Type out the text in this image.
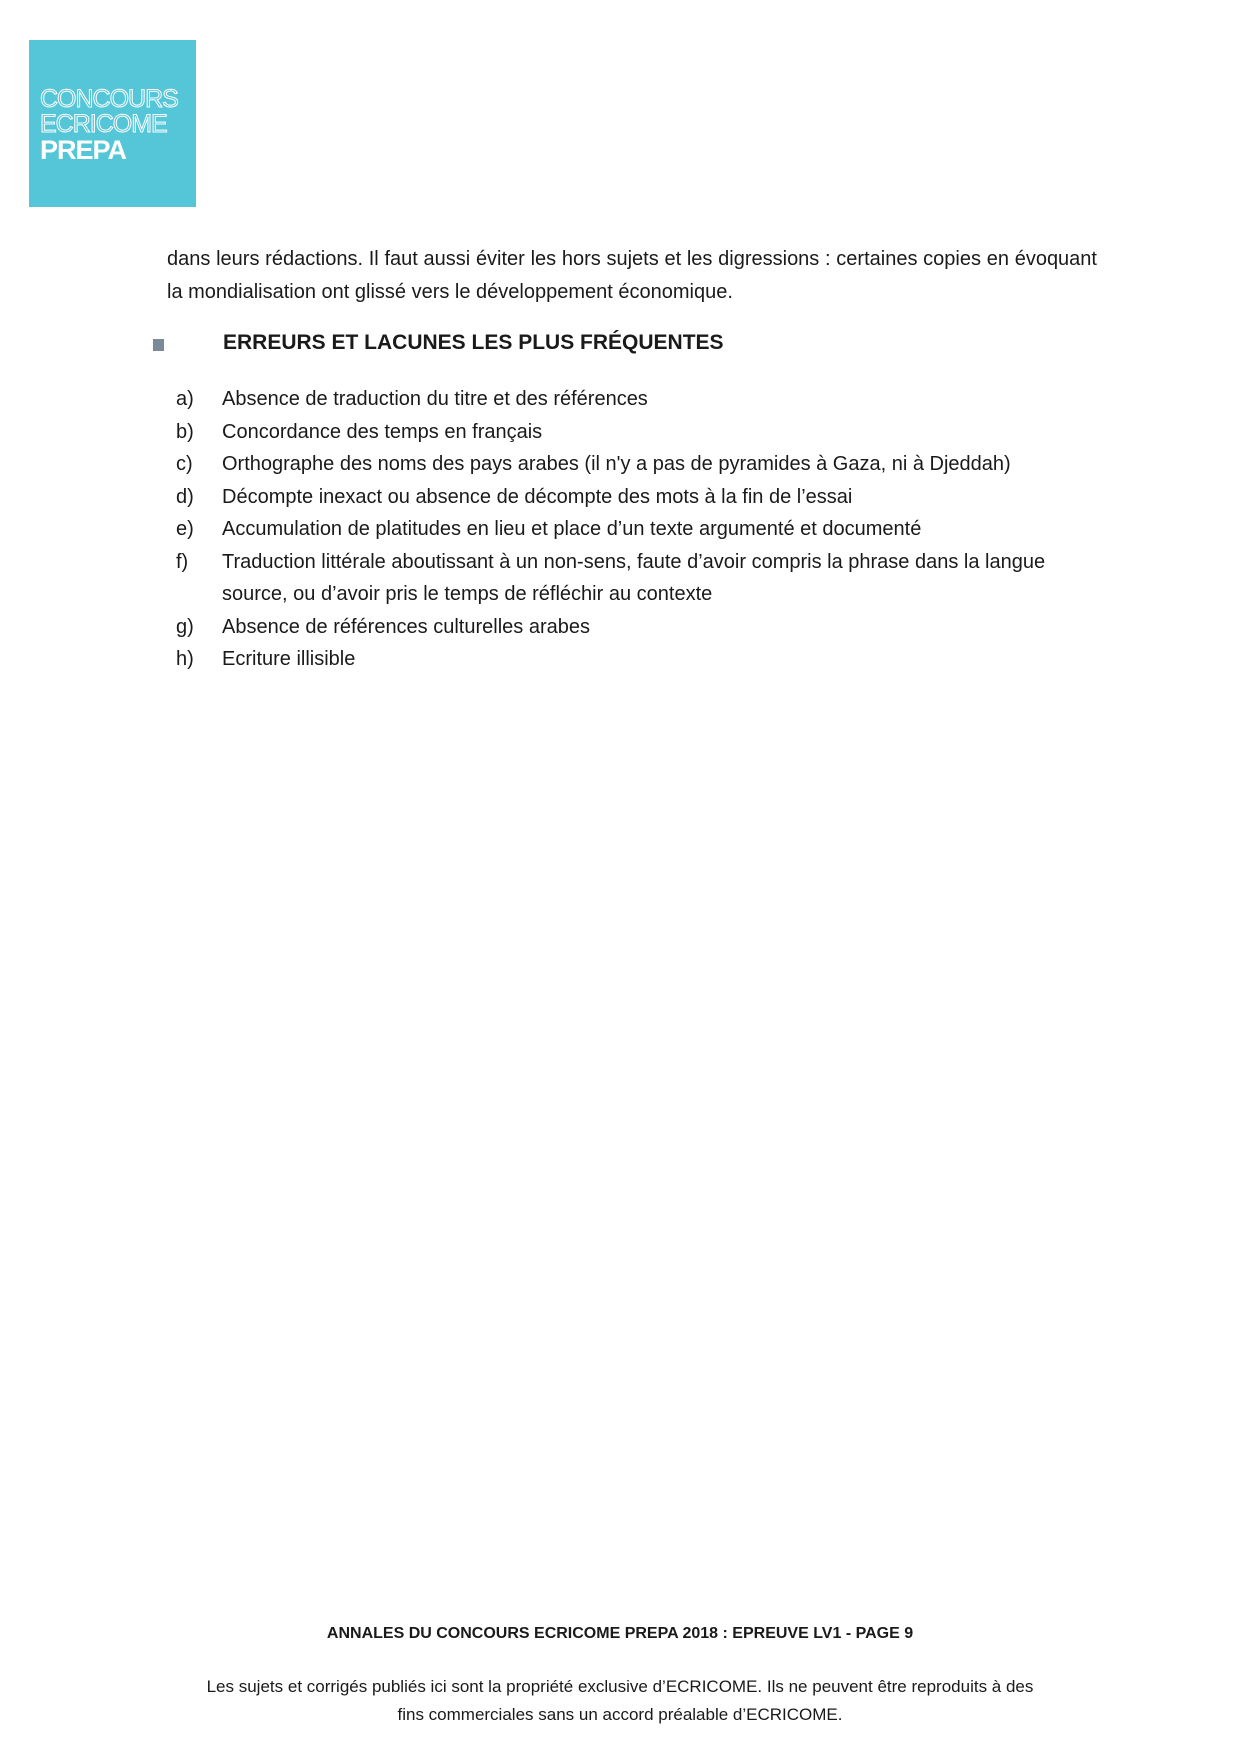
CONCOURS
ECRICOME
PREPA

dans leurs rédactions. Il faut aussi éviter les hors sujets et les digressions : certaines copies en évoquant la mondialisation ont glissé vers le développement économique.

ERREURS ET LACUNES LES PLUS FRÉQUENTES
a) Absence de traduction du titre et des références
b) Concordance des temps en français
c) Orthographe des noms des pays arabes (il n'y a pas de pyramides à Gaza, ni à Djeddah)
d) Décompte inexact ou absence de décompte des mots à la fin de l’essai
e) Accumulation de platitudes en lieu et place d’un texte argumenté et documenté
f) Traduction littérale aboutissant à un non-sens, faute d’avoir compris la phrase dans la langue source, ou d’avoir pris le temps de réfléchir au contexte
g) Absence de références culturelles arabes
h) Ecriture illisible
ANNALES DU CONCOURS ECRICOME PREPA 2018 : EPREUVE LV1 - PAGE 9
Les sujets et corrigés publiés ici sont la propriété exclusive d’ECRICOME. Ils ne peuvent être reproduits à des
fins commerciales sans un accord préalable d’ECRICOME.
